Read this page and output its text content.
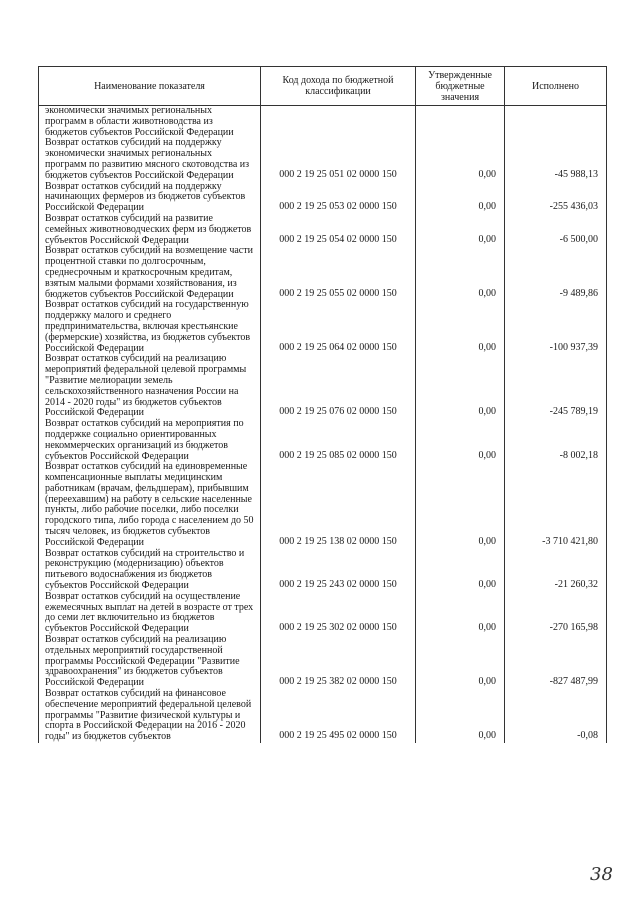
Наименование показателя	Код дохода по бюджетной классификации	Утвержденные бюджетные значения	Исполнено
экономически значимых региональных программ в области животноводства из бюджетов субъектов Российской Федерации			
Возврат остатков субсидий на поддержку экономически значимых региональных программ по развитию мясного скотоводства из бюджетов субъектов Российской Федерации	000 2 19 25 051 02 0000 150	0,00	-45 988,13
Возврат остатков субсидий на поддержку начинающих фермеров из бюджетов субъектов Российской Федерации	000 2 19 25 053 02 0000 150	0,00	-255 436,03
Возврат остатков субсидий на развитие семейных животноводческих ферм из бюджетов субъектов Российской Федерации	000 2 19 25 054 02 0000 150	0,00	-6 500,00
Возврат остатков субсидий на возмещение части процентной ставки по долгосрочным, среднесрочным и краткосрочным кредитам, взятым малыми формами хозяйствования, из бюджетов субъектов Российской Федерации	000 2 19 25 055 02 0000 150	0,00	-9 489,86
Возврат остатков субсидий на государственную поддержку малого и среднего предпринимательства, включая крестьянские (фермерские) хозяйства, из бюджетов субъектов Российской Федерации	000 2 19 25 064 02 0000 150	0,00	-100 937,39
Возврат остатков субсидий на реализацию мероприятий федеральной целевой программы "Развитие мелиорации земель сельскохозяйственного назначения России на 2014 - 2020 годы" из бюджетов субъектов Российской Федерации	000 2 19 25 076 02 0000 150	0,00	-245 789,19
Возврат остатков субсидий на мероприятия по поддержке социально ориентированных некоммерческих организаций из бюджетов субъектов Российской Федерации	000 2 19 25 085 02 0000 150	0,00	-8 002,18
Возврат остатков субсидий на единовременные компенсационные выплаты медицинским работникам (врачам, фельдшерам), прибывшим (переехавшим) на работу в сельские населенные пункты, либо рабочие поселки, либо поселки городского типа, либо города с населением до 50 тысяч человек, из бюджетов субъектов Российской Федерации	000 2 19 25 138 02 0000 150	0,00	-3 710 421,80
Возврат остатков субсидий на строительство и реконструкцию (модернизацию) объектов питьевого водоснабжения из бюджетов субъектов Российской Федерации	000 2 19 25 243 02 0000 150	0,00	-21 260,32
Возврат остатков субсидий на осуществление ежемесячных выплат на детей в возрасте от трех до семи лет включительно из бюджетов субъектов Российской Федерации	000 2 19 25 302 02 0000 150	0,00	-270 165,98
Возврат остатков субсидий на реализацию отдельных мероприятий государственной программы Российской Федерации "Развитие здравоохранения" из бюджетов субъектов Российской Федерации	000 2 19 25 382 02 0000 150	0,00	-827 487,99
Возврат остатков субсидий на финансовое обеспечение мероприятий федеральной целевой программы "Развитие физической культуры и спорта в Российской Федерации на 2016 - 2020 годы" из бюджетов субъектов	000 2 19 25 495 02 0000 150	0,00	-0,08
38
